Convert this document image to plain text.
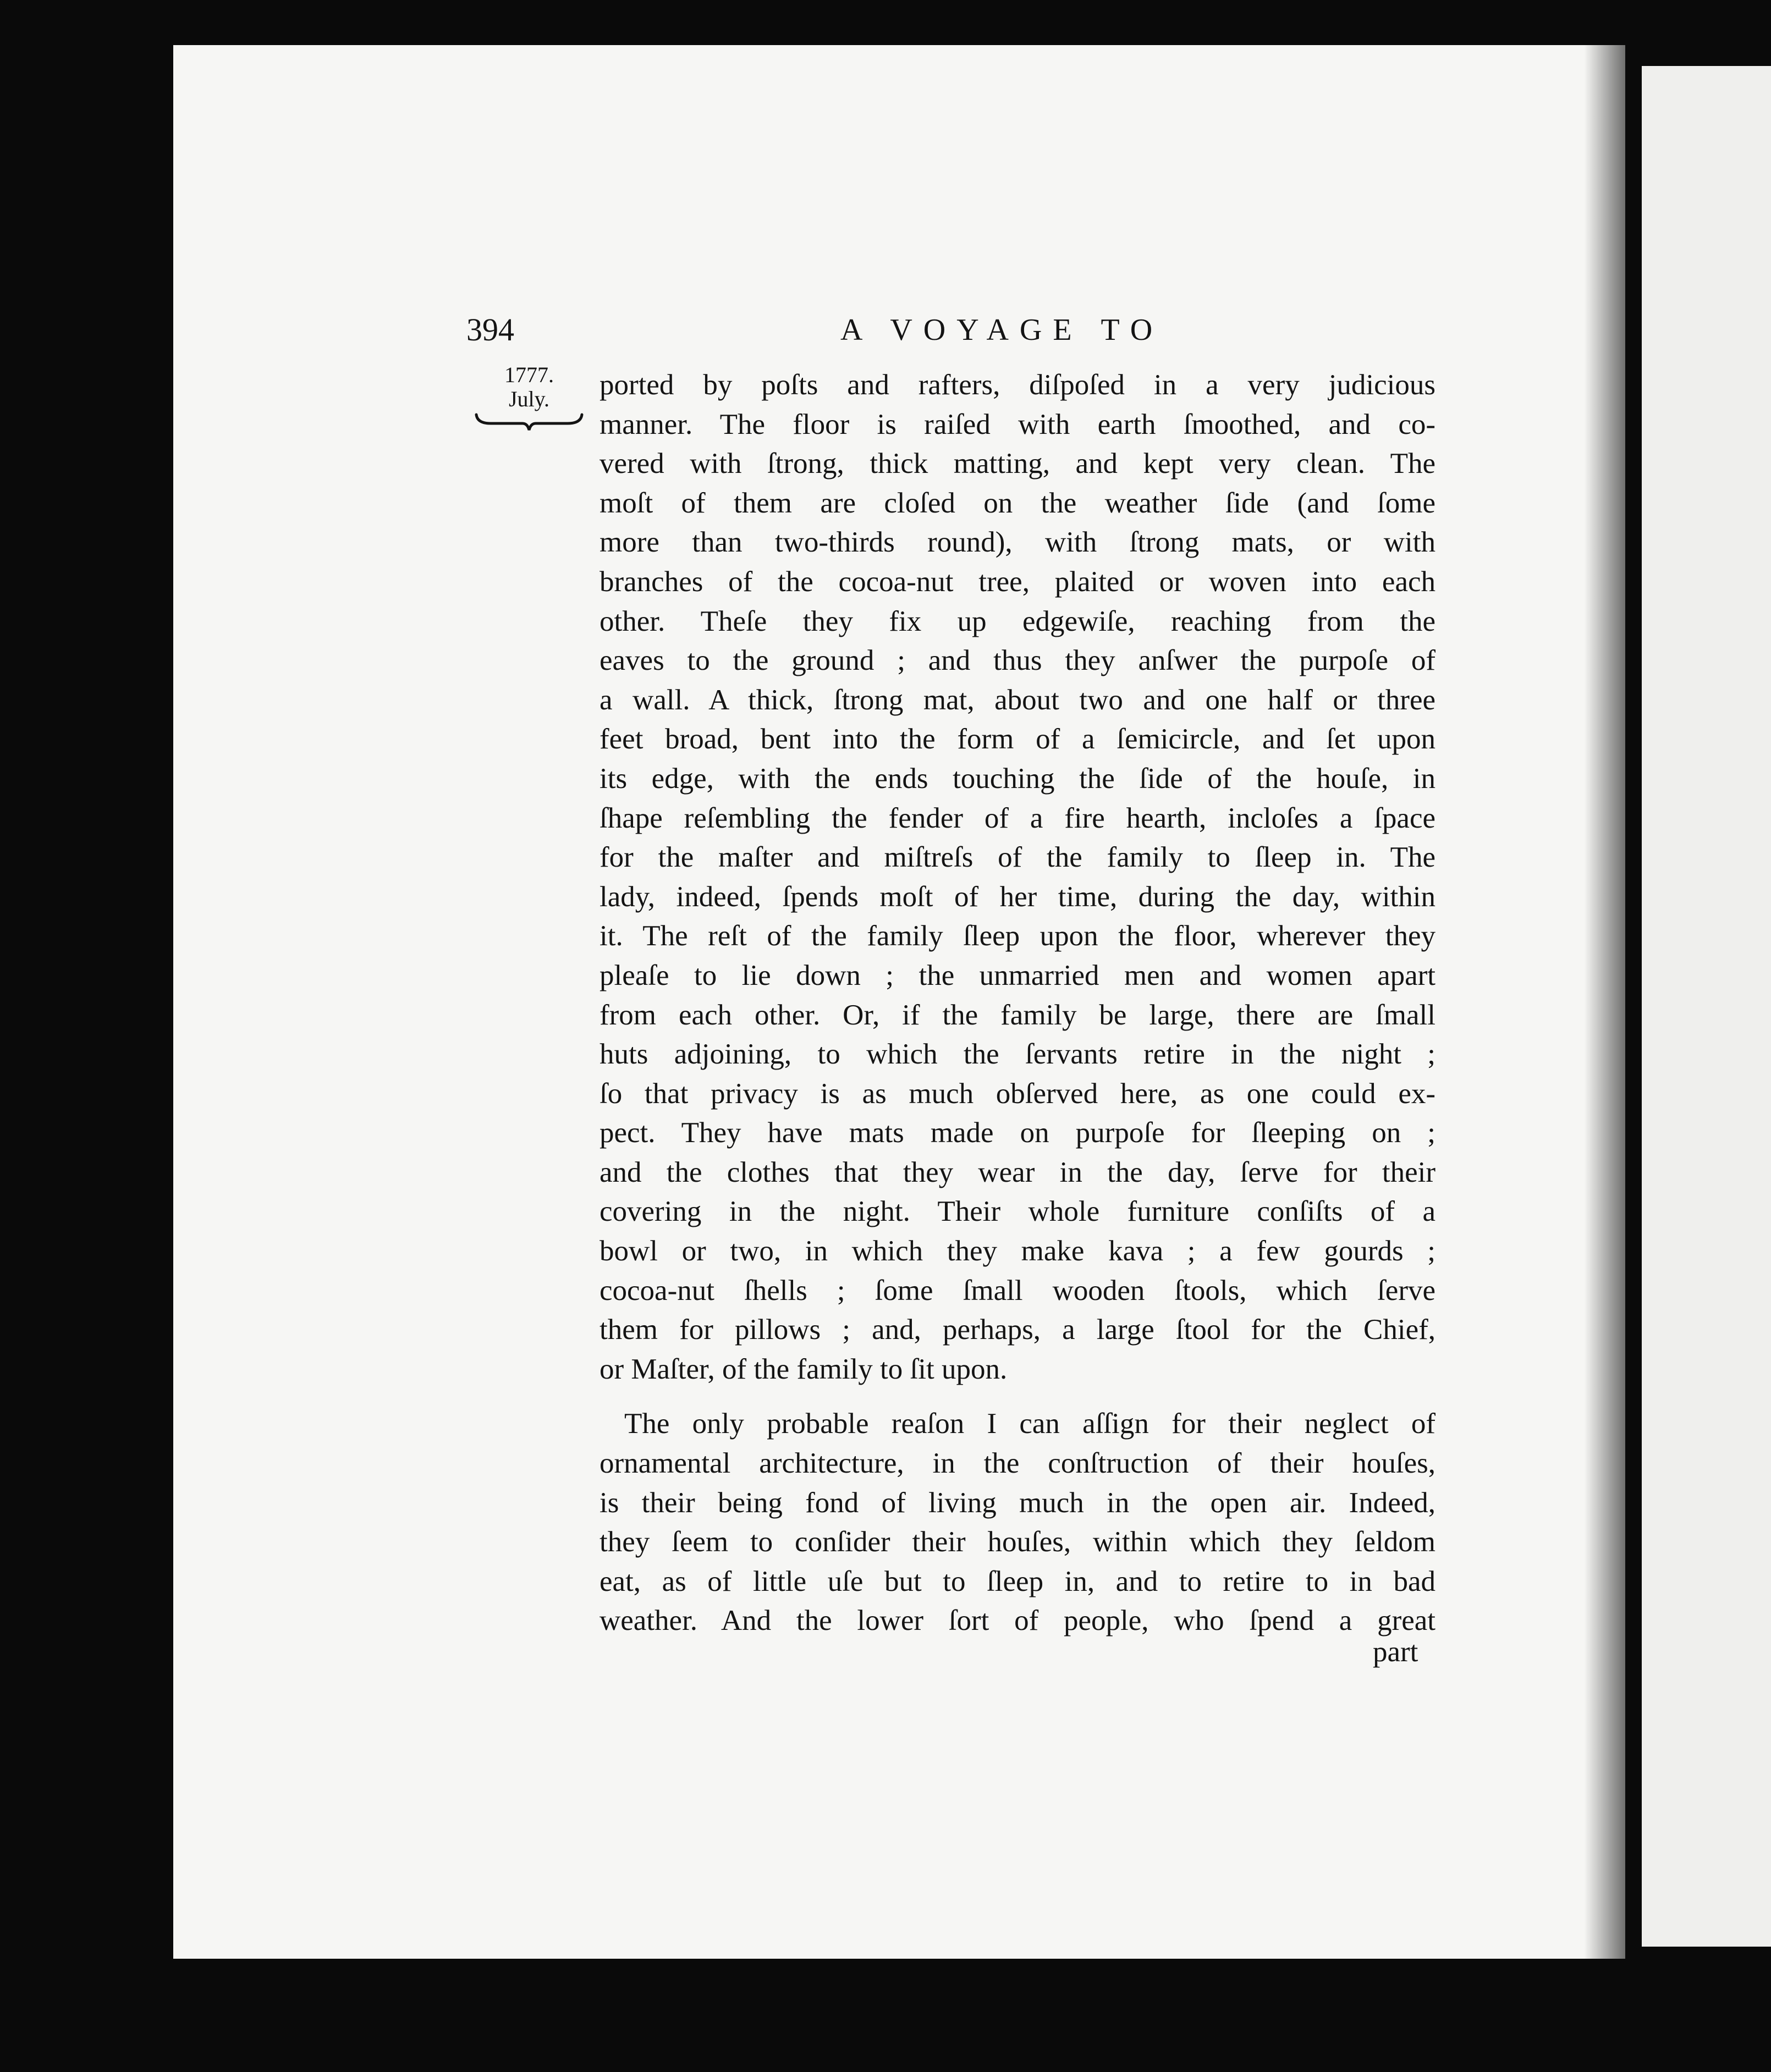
394	A VOYAGE TO
1777.
July.	ported by poſts and rafters, diſpoſed in a very judicious
manner. The floor is raiſed with earth ſmoothed, and co-
vered with ſtrong, thick matting, and kept very clean. The
moſt of them are cloſed on the weather ſide (and ſome
more than two-thirds round), with ſtrong mats, or with
branches of the cocoa-nut tree, plaited or woven into each
other. Theſe they fix up edgewiſe, reaching from the
eaves to the ground ; and thus they anſwer the purpoſe of
a wall. A thick, ſtrong mat, about two and one half or three
feet broad, bent into the form of a ſemicircle, and ſet upon
its edge, with the ends touching the ſide of the houſe, in
ſhape reſembling the fender of a fire hearth, incloſes a ſpace
for the maſter and miſtreſs of the family to ſleep in. The
lady, indeed, ſpends moſt of her time, during the day, within
it. The reſt of the family ſleep upon the floor, wherever they
pleaſe to lie down ; the unmarried men and women apart
from each other. Or, if the family be large, there are ſmall
huts adjoining, to which the ſervants retire in the night ;
ſo that privacy is as much obſerved here, as one could ex-
pect. They have mats made on purpoſe for ſleeping on ;
and the clothes that they wear in the day, ſerve for their
covering in the night. Their whole furniture conſiſts of a
bowl or two, in which they make kava ; a few gourds ;
cocoa-nut ſhells ; ſome ſmall wooden ſtools, which ſerve
them for pillows ; and, perhaps, a large ſtool for the Chief,
or Maſter, of the family to ſit upon.
The only probable reaſon I can aſſign for their neglect of
ornamental architecture, in the conſtruction of their houſes,
is their being fond of living much in the open air. Indeed,
they ſeem to conſider their houſes, within which they ſeldom
eat, as of little uſe but to ſleep in, and to retire to in bad
weather. And the lower ſort of people, who ſpend a great
part
